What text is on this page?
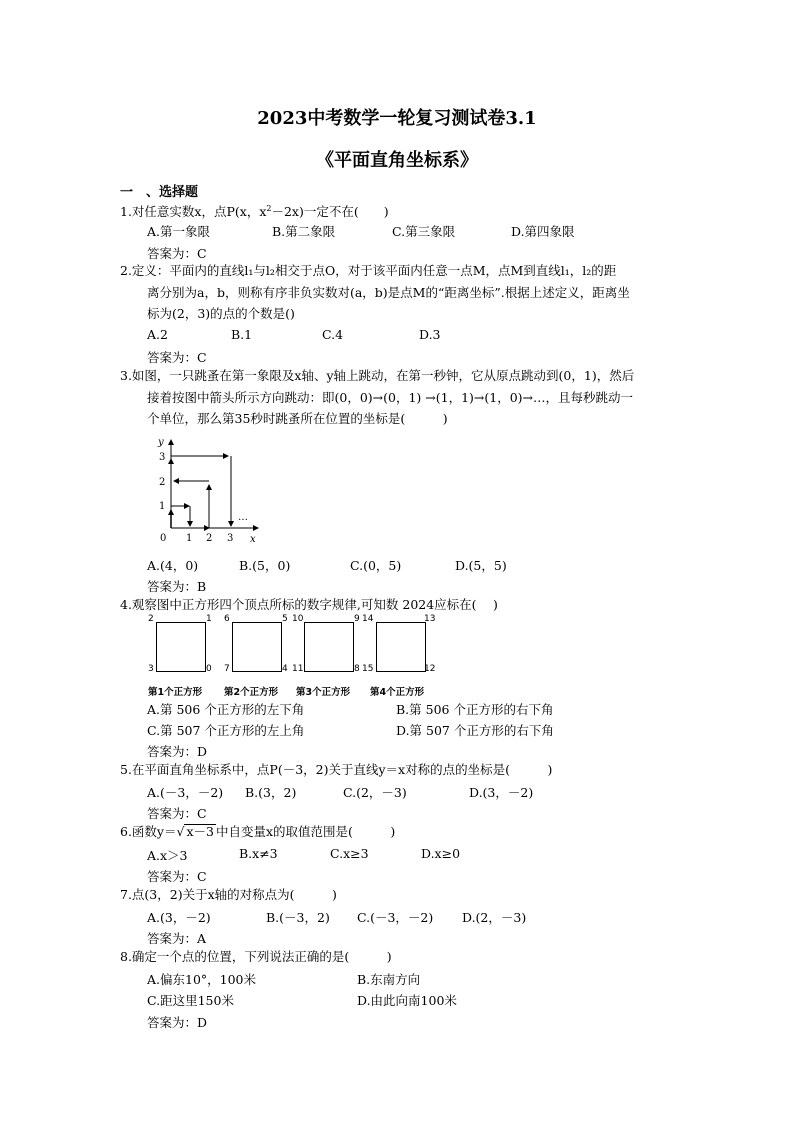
2023中考数学一轮复习测试卷3.1
《平面直角坐标系》
一　、选择题
1.对任意实数x，点P(x，$x^2-2x$)一定不在(　　)
A.第一象限	B.第二象限	C.第三象限	D.第四象限
答案为：C
2.定义：平面内的直线l₁与l₂相交于点O，对于该平面内任意一点M，点M到直线l₁，l₂的距
离分别为a，b，则称有序非负实数对(a，b)是点M的“距离坐标”.根据上述定义，距离坐
标为(2，3)的点的个数是()
A.2	B.1	C.4	D.3
答案为：C
3.如图，一只跳蚤在第一象限及x轴、y轴上跳动，在第一秒钟，它从原点跳动到(0，1)，然后
接着按图中箭头所示方向跳动：即(0，0)→(0，1) →(1，1)→(1，0)→…，且每秒跳动一
个单位，那么第35秒时跳蚤所在位置的坐标是(　　　)
y
x
3
2
1
0 1 2 3
…
A.(4，0)	B.(5，0)	C.(0，5)	D.(5，5)
答案为：B
4.观察图中正方形四个顶点所标的数字规律,可知数 2024应标在(　 )
2	1
3	0
第1个正方形
6	5
7	4
第2个正方形
10	9
11	8
第3个正方形
14	13
15	12
第4个正方形
A.第 506 个正方形的左下角	B.第 506 个正方形的右下角
C.第 507 个正方形的左上角	D.第 507 个正方形的右下角
答案为：D
5.在平面直角坐标系中，点P(－3，2)关于直线y＝x对称的点的坐标是(　　　)
A.(－3，－2) B.(3，2)	C.(2，－3)	D.(3，－2)
答案为：C
6.函数y＝√ x－3 中自变量x的取值范围是(　　　)
A.x＞3	B.x≠3	C.x≥3	D.x≥0
答案为：C
7.点(3，2)关于x轴的对称点为(　　　)
A.(3，－2)	B.(－3，2) C.(－3，－2) D.(2，－3)
答案为：A
8.确定一个点的位置，下列说法正确的是(　　　)
A.偏东10°，100米	B.东南方向
C.距这里150米	D.由此向南100米
答案为：D
